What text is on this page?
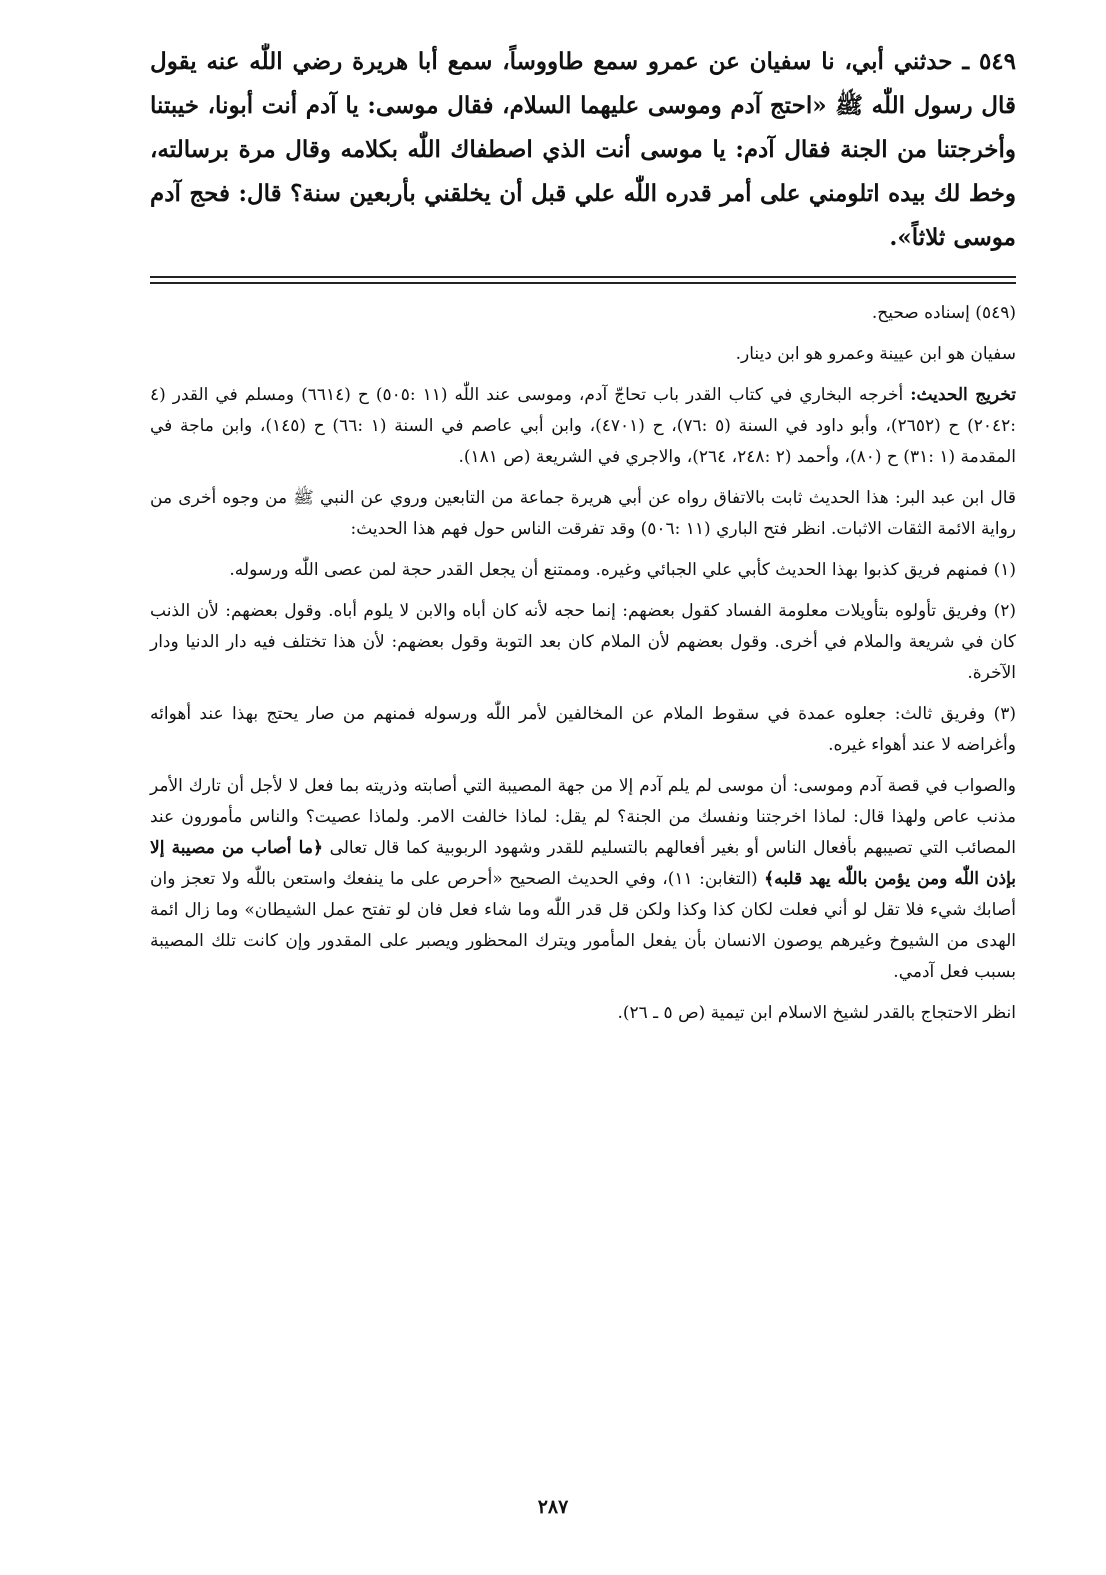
٥٤٩ ـ حدثني أبي، نا سفيان عن عمرو سمع طاووساً، سمع أبا هريرة رضي اللّٰه عنه يقول قال رسول اللّٰه ﷺ «احتج آدم وموسى عليهما السلام، فقال موسى: يا آدم أنت أبونا، خيبتنا وأخرجتنا من الجنة فقال آدم: يا موسى أنت الذي اصطفاك اللّٰه بكلامه وقال مرة برسالته، وخط لك بيده اتلومني على أمر قدره اللّٰه علي قبل أن يخلقني بأربعين سنة؟ قال: فحج آدم موسى ثلاثاً».

(٥٤٩) إسناده صحيح.

سفيان هو ابن عيينة وعمرو هو ابن دينار.

تخريج الحديث: أخرجه البخاري في كتاب القدر باب تحاجّ آدم، وموسى عند اللّٰه (١١ :٥٠٥) ح (٦٦١٤) ومسلم في القدر (٤ :٢٠٤٢) ح (٢٦٥٢)، وأبو داود في السنة (٥ :٧٦)، ح (٤٧٠١)، وابن أبي عاصم في السنة (١ :٦٦) ح (١٤٥)، وابن ماجة في المقدمة (١ :٣١) ح (٨٠)، وأحمد (٢ :٢٤٨، ٢٦٤)، والاجري في الشريعة (ص ١٨١).

قال ابن عبد البر: هذا الحديث ثابت بالاتفاق رواه عن أبي هريرة جماعة من التابعين وروي عن النبي ﷺ من وجوه أخرى من رواية الائمة الثقات الاثبات. انظر فتح الباري (١١ :٥٠٦) وقد تفرقت الناس حول فهم هذا الحديث:

(١) فمنهم فريق كذبوا بهذا الحديث كأبي علي الجبائي وغيره. وممتنع أن يجعل القدر حجة لمن عصى اللّٰه ورسوله.

(٢) وفريق تأولوه بتأويلات معلومة الفساد كقول بعضهم: إنما حجه لأنه كان أباه والابن لا يلوم أباه. وقول بعضهم: لأن الذنب كان في شريعة والملام في أخرى. وقول بعضهم لأن الملام كان بعد التوبة وقول بعضهم: لأن هذا تختلف فيه دار الدنيا ودار الآخرة.

(٣) وفريق ثالث: جعلوه عمدة في سقوط الملام عن المخالفين لأمر اللّٰه ورسوله فمنهم من صار يحتج بهذا عند أهوائه وأغراضه لا عند أهواء غيره.

والصواب في قصة آدم وموسى: أن موسى لم يلم آدم إلا من جهة المصيبة التي أصابته وذريته بما فعل لا لأجل أن تارك الأمر مذنب عاص ولهذا قال: لماذا اخرجتنا ونفسك من الجنة؟ لم يقل: لماذا خالفت الامر. ولماذا عصيت؟ والناس مأمورون عند المصائب التي تصيبهم بأفعال الناس أو بغير أفعالهم بالتسليم للقدر وشهود الربوبية كما قال تعالى ﴿ما أصاب من مصيبة إلا بإذن اللّٰه ومن يؤمن باللّٰه يهد قلبه﴾ (التغابن: ١١)، وفي الحديث الصحيح «أحرص على ما ينفعك واستعن باللّٰه ولا تعجز وان أصابك شيء فلا تقل لو أني فعلت لكان كذا وكذا ولكن قل قدر اللّٰه وما شاء فعل فان لو تفتح عمل الشيطان» وما زال ائمة الهدى من الشيوخ وغيرهم يوصون الانسان بأن يفعل المأمور ويترك المحظور ويصبر على المقدور وإن كانت تلك المصيبة بسبب فعل آدمي.

انظر الاحتجاج بالقدر لشيخ الاسلام ابن تيمية (ص ٥ ـ ٢٦).

٢٨٧
